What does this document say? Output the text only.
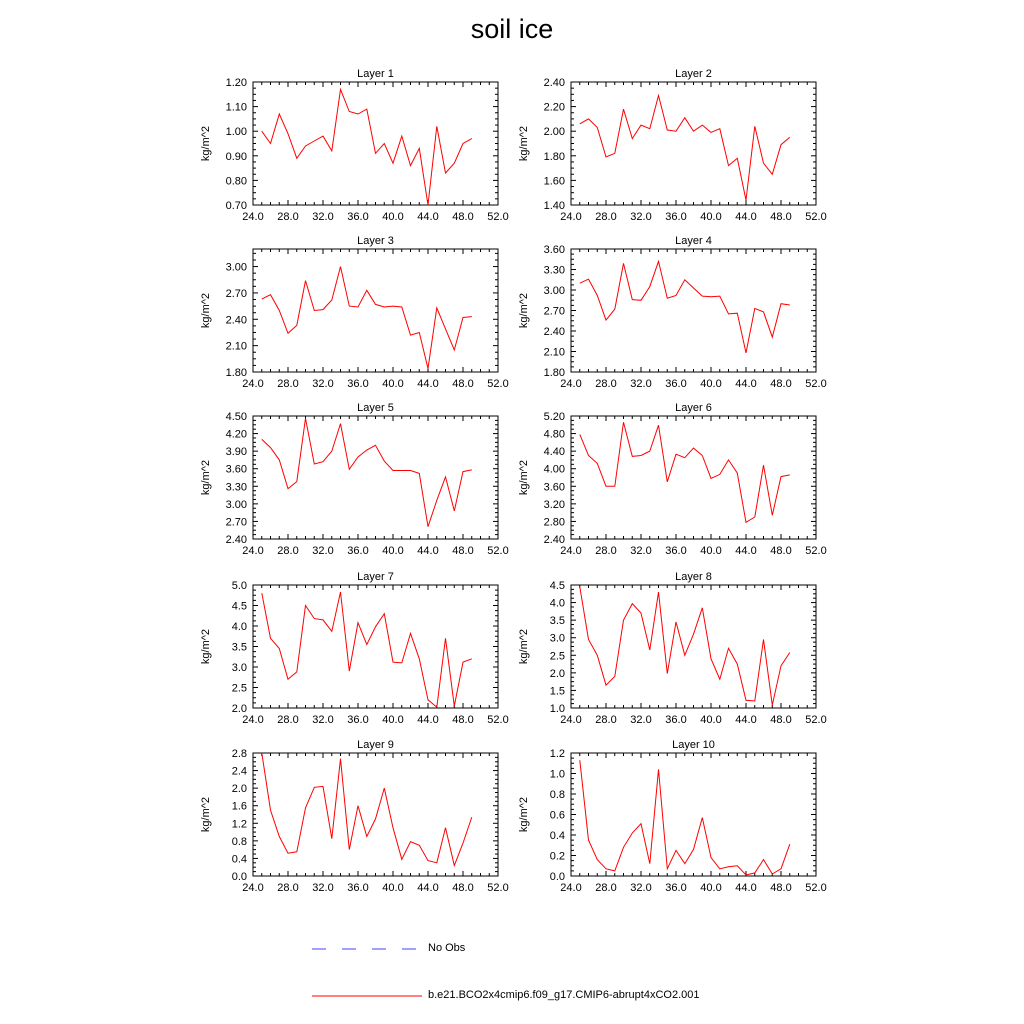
soil ice
Layer 1
kg/m^2
24.0 28.0 32.0 36.0 40.0 44.0 48.0 52.0
0.70
0.80
0.90
1.00
1.10
1.20
Layer 2
kg/m^2
24.0 28.0 32.0 36.0 40.0 44.0 48.0 52.0
1.40
1.60
1.80
2.00
2.20
2.40
Layer 3
kg/m^2
24.0 28.0 32.0 36.0 40.0 44.0 48.0 52.0
1.80
2.10
2.40
2.70
3.00
Layer 4
kg/m^2
24.0 28.0 32.0 36.0 40.0 44.0 48.0 52.0
1.80
2.10
2.40
2.70
3.00
3.30
3.60
Layer 5
kg/m^2
24.0 28.0 32.0 36.0 40.0 44.0 48.0 52.0
2.40
2.70
3.00
3.30
3.60
3.90
4.20
4.50
Layer 6
kg/m^2
24.0 28.0 32.0 36.0 40.0 44.0 48.0 52.0
2.40
2.80
3.20
3.60
4.00
4.40
4.80
5.20
Layer 7
kg/m^2
24.0 28.0 32.0 36.0 40.0 44.0 48.0 52.0
2.0
2.5
3.0
3.5
4.0
4.5
5.0
Layer 8
kg/m^2
24.0 28.0 32.0 36.0 40.0 44.0 48.0 52.0
1.0
1.5
2.0
2.5
3.0
3.5
4.0
4.5
Layer 9
kg/m^2
24.0 28.0 32.0 36.0 40.0 44.0 48.0 52.0
0.0
0.4
0.8
1.2
1.6
2.0
2.4
2.8
Layer 10
kg/m^2
24.0 28.0 32.0 36.0 40.0 44.0 48.0 52.0
0.0
0.2
0.4
0.6
0.8
1.0
1.2
No Obs
b.e21.BCO2x4cmip6.f09_g17.CMIP6-abrupt4xCO2.001
